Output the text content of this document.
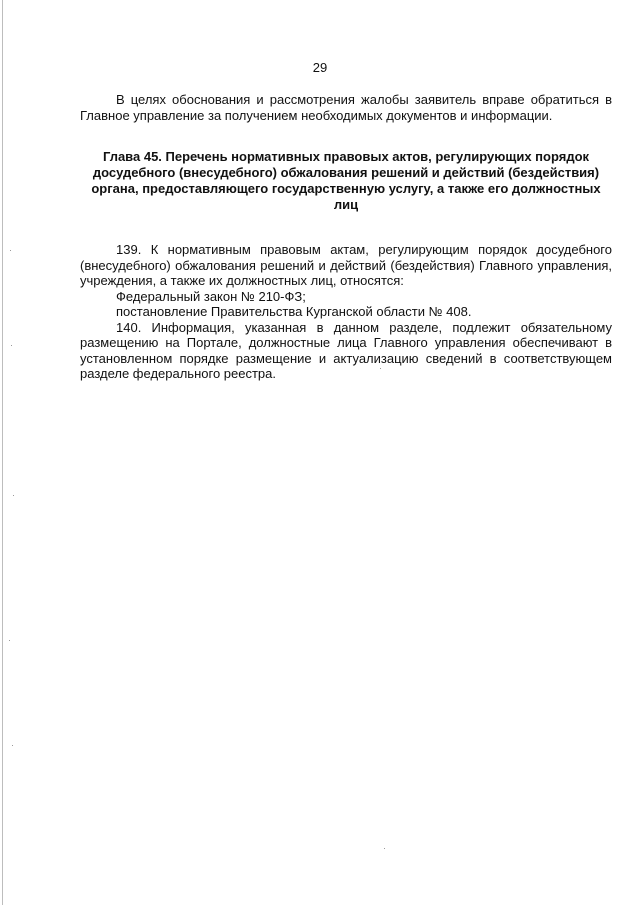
29

В целях обоснования и рассмотрения жалобы заявитель вправе обратиться в Главное управление за получением необходимых документов и информации.

Глава 45. Перечень нормативных правовых актов, регулирующих порядок
досудебного (внесудебного) обжалования решений и действий (бездействия)
органа, предоставляющего государственную услугу, а также его должностных лиц

139. К нормативным правовым актам, регулирующим порядок досудебного (внесудебного) обжалования решений и действий (бездействия) Главного управления, учреждения, а также их должностных лиц, относятся:

Федеральный закон № 210-ФЗ;

постановление Правительства Курганской области № 408.

140. Информация, указанная в данном разделе, подлежит обязательному размещению на Портале, должностные лица Главного управления обеспечивают в установленном порядке размещение и актуализацию сведений в соответствующем разделе федерального реестра.
